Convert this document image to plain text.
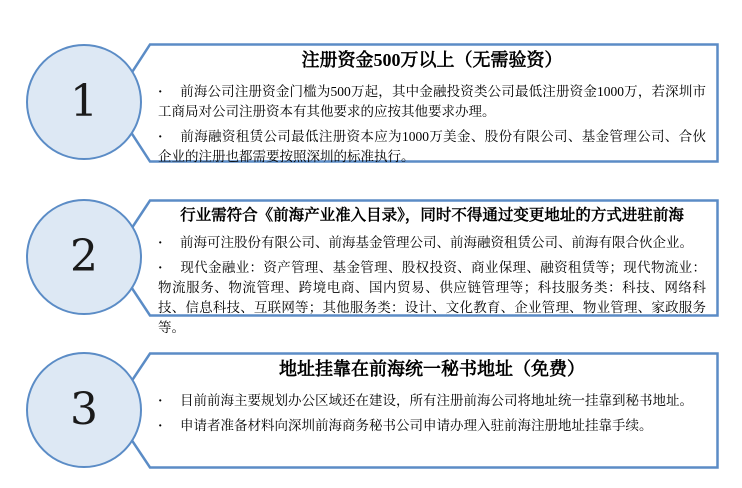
注册资金500万以上（无需验资）

· 前海公司注册资金门槛为500万起，其中金融投资类公司最低注册资金1000万，若深圳市工商局对公司注册资本有其他要求的应按其他要求办理。

· 前海融资租赁公司最低注册资本应为1000万美金、股份有限公司、基金管理公司、合伙企业的注册也都需要按照深圳的标准执行。

1
行业需符合《前海产业准入目录》，同时不得通过变更地址的方式进驻前海

· 前海可注股份有限公司、前海基金管理公司、前海融资租赁公司、前海有限合伙企业。

· 现代金融业：资产管理、基金管理、股权投资、商业保理、融资租赁等；现代物流业：物流服务、物流管理、跨境电商、国内贸易、供应链管理等；科技服务类：科技、网络科技、信息科技、互联网等；其他服务类：设计、文化教育、企业管理、物业管理、家政服务等。

2
地址挂靠在前海统一秘书地址（免费）

· 目前前海主要规划办公区域还在建设，所有注册前海公司将地址统一挂靠到秘书地址。

· 申请者准备材料向深圳前海商务秘书公司申请办理入驻前海注册地址挂靠手续。

3
